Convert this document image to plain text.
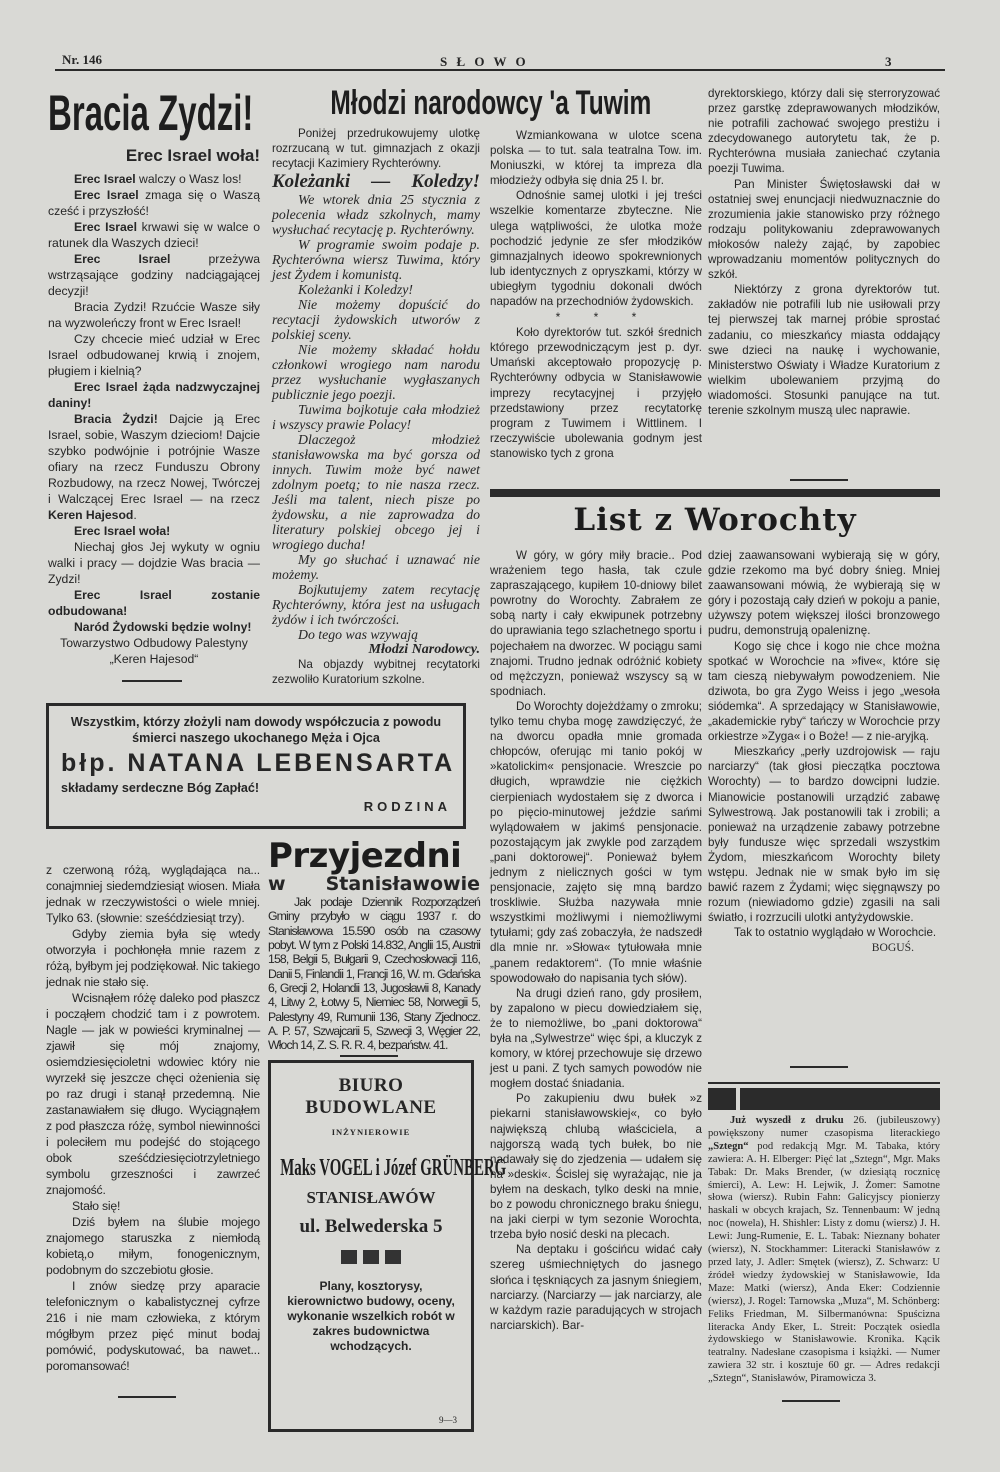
Nr. 146	S Ł O W O	3
Bracia Zydzi!
Erec Israel woła!

Erec Israel walczy o Wasz los!

Erec Israel zmaga się o Waszą cześć i przyszłość!

Erec Israel krwawi się w walce o ratunek dla Waszych dzieci!

Erec Israel przeżywa wstrząsające godziny nadciągającej decyzji!

Bracia Zydzi! Rzućcie Wasze siły na wyzwoleńczy front w Erec Israel!

Czy chcecie mieć udział w Erec Israel odbudowanej krwią i znojem, pługiem i kielnią?

Erec Israel żąda nadzwyczajnej daniny!

Bracia Żydzi! Dajcie ją Erec Israel, sobie, Waszym dzieciom! Dajcie szybko podwójnie i potrójnie Wasze ofiary na rzecz Funduszu Obrony Rozbudowy, na rzecz Nowej, Twórczej i Walczącej Erec Israel — na rzecz Keren Hajesod.

Erec Israel woła!

Niechaj głos Jej wykuty w ogniu walki i pracy — dojdzie Was bracia — Zydzi!

Erec Israel zostanie odbudowana!

Naród Żydowski będzie wolny!

Towarzystwo Odbudowy Palestyny „Keren Hajesod“
Młodzi narodowcy 'a Tuwim

Poniżej przedrukowujemy ulotkę rozrzucaną w tut. gimnazjach z okazji recytacji Kazimiery Rychterówny.

Koleżanki — Koledzy!

We wtorek dnia 25 stycznia z polecenia władz szkolnych, mamy wysłuchać recytację p. Rychterówny.

W programie swoim podaje p. Rychterówna wiersz Tuwima, który jest Żydem i komunistą.

Koleżanki i Koledzy!

Nie możemy dopuścić do recytacji żydowskich utworów z polskiej sceny.

Nie możemy składać hołdu członkowi wrogiego nam narodu przez wysłuchanie wygłaszanych publicznie jego poezji.

Tuwima bojkotuje cała młodzież i wszyscy prawie Polacy!

Dlaczegoż młodzież stanisławowska ma być gorsza od innych. Tuwim może być nawet zdolnym poetą; to nie nasza rzecz. Jeśli ma talent, niech pisze po żydowsku, a nie zaprowadza do literatury polskiej obcego jej i wrogiego ducha!

My go słuchać i uznawać nie możemy.

Bojkutujemy zatem recytację Rychterówny, która jest na usługach żydów i ich twórczości.

Do tego was wzywają

Młodzi Narodowcy.

Na objazdy wybitnej recytatorki zezwoliło Kuratorium szkolne.

Wzmiankowana w ulotce scena polska — to tut. sala teatralna Tow. im. Moniuszki, w której ta impreza dla młodzieży odbyła się dnia 25 I. br.

Odnośnie samej ulotki i jej treści wszelkie komentarze zbyteczne. Nie ulega wątpliwości, że ulotka może pochodzić jedynie ze sfer młodzików gimnazjalnych ideowo spokrewnionych lub identycznych z opryszkami, którzy w ubiegłym tygodniu dokonali dwóch napadów na przechodniów żydowskich.

* * *

Koło dyrektorów tut. szkół średnich którego przewodniczącym jest p. dyr. Umański akceptowało propozycję p. Rychterówny odbycia w Stanisławowie imprezy recytacyjnej i przyjęło przedstawiony przez recytatorkę program z Tuwimem i Wittlinem. I rzeczywiście ubolewania godnym jest stanowisko tych z grona

dyrektorskiego, którzy dali się sterroryzować przez garstkę zdeprawowanych młodzików, nie potrafili zachować swojego prestiżu i zdecydowanego autorytetu tak, że p. Rychterówna musiała zaniechać czytania poezji Tuwima.

Pan Minister Świętosławski dał w ostatniej swej enuncjacji niedwuznacznie do zrozumienia jakie stanowisko przy różnego rodzaju politykowaniu zdeprawowanych młokosów należy zająć, by zapobiec wprowadzaniu momentów politycznych do szkół.

Niektórzy z grona dyrektorów tut. zakładów nie potrafili lub nie usiłowali przy tej pierwszej tak marnej próbie sprostać zadaniu, co mieszkańcy miasta oddający swe dzieci na naukę i wychowanie, Ministerstwo Oświaty i Władze Kuratorium z wielkim ubolewaniem przyjmą do wiadomości. Stosunki panujące na tut. terenie szkolnym muszą ulec naprawie.

List z Worochty

W góry, w góry miły bracie.. Pod wrażeniem tego hasła, tak czule zapraszającego, kupiłem 10-dniowy bilet powrotny do Worochty. Zabrałem ze sobą narty i cały ekwipunek potrzebny do uprawiania tego szlachetnego sportu i pojechałem na dworzec. W pociągu sami znajomi. Trudno jednak odróżnić kobiety od mężczyzn, ponieważ wszyscy są w spodniach.

Do Worochty dojeżdżamy o zmroku; tylko temu chyba mogę zawdzięczyć, że na dworcu opadła mnie gromada chłopców, oferując mi tanio pokój w »katolickim« pensjonacie. Wreszcie po długich, wprawdzie nie ciężkich cierpieniach wydostałem się z dworca i po pięcio-minutowej jeździe sańmi wylądowałem w jakimś pensjonacie. pozostającym jak zwykle pod zarządem „pani doktorowej“. Ponieważ byłem jednym z nielicznych gości w tym pensjonacie, zajęto się mną bardzo troskliwie. Służba nazywała mnie wszystkimi możliwymi i niemożliwymi tytułami; gdy zaś zobaczyła, że nadszedł dla mnie nr. »Słowa« tytułowała mnie „panem redaktorem“. (To mnie właśnie spowodowało do napisania tych słów).

Na drugi dzień rano, gdy prosiłem, by zapalono w piecu dowiedziałem się, że to niemożliwe, bo „pani doktorowa“ była na „Sylwestrze“ więc śpi, a kluczyk z komory, w której przechowuje się drzewo jest u pani. Z tych samych powodów nie mogłem dostać śniadania.

Po zakupieniu dwu bułek »z piekarni stanisławowskiej«, co było największą chlubą właściciela, a najgorszą wadą tych bułek, bo nie nadawały się do zjedzenia — udałem się na »deski«. Ścislej się wyrażając, nie ja byłem na deskach, tylko deski na mnie, bo z powodu chronicznego braku śniegu, na jaki cierpi w tym sezonie Worochta, trzeba było nosić deski na plecach.

Na deptaku i gościńcu widać cały szereg uśmiechniętych do jasnego słońca i tęskniących za jasnym śniegiem, narciarzy. (Narciarzy — jak narciarzy, ale w każdym razie paradujących w strojach narciarskich). Bar-

dziej zaawansowani wybierają się w góry, gdzie rzekomo ma być dobry śnieg. Mniej zaawansowani mówią, że wybierają się w góry i pozostają cały dzień w pokoju a panie, używszy potem większej ilości bronzowego pudru, demonstrują opaleniznę.

Kogo się chce i kogo nie chce można spotkać w Worochcie na »five«, które się tam cieszą niebywałym powodzeniem. Nie dziwota, bo gra Zygo Weiss i jego „wesoła siódemka“. A sprzedający w Stanisławowie, „akademickie ryby“ tańczy w Worochcie przy orkiestrze »Zyga« i o Boże! — z nie-aryjką.

Mieszkańcy „perły uzdrojowisk — raju narciarzy“ (tak głosi pieczątka pocztowa Worochty) — to bardzo dowcipni ludzie. Mianowicie postanowili urządzić zabawę Sylwestrową. Jak postanowili tak i zrobili; a ponieważ na urządzenie zabawy potrzebne były fundusze więc sprzedali wszystkim Żydom, mieszkańcom Worochty bilety wstępu. Jednak nie w smak było im się bawić razem z Żydami; więc sięgnąwszy po rozum (niewiadomo gdzie) zgasili na sali światło, i rozrzucili ulotki antyżydowskie.

Tak to ostatnio wyglądało w Worochcie.

BOGUŚ.

Już wyszedł z druku 26. (jubileuszowy) powiększony numer czasopisma literackiego „Sztegn“ pod redakcją Mgr. M. Tabaka, który zawiera: A. H. Elberger: Pięć lat „Sztegn“, Mgr. Maks Tabak: Dr. Maks Brender, (w dziesiątą rocznicę śmierci), A. Lew: H. Lejwik, J. Żomer: Samotne słowa (wiersz). Rubin Fahn: Galicyjscy pionierzy haskali w obcych krajach, Sz. Tennenbaum: W jedną noc (nowela), H. Shishler: Listy z domu (wiersz) J. H. Lewi: Jung-Rumenie, E. L. Tabak: Nieznany bohater (wiersz), N. Stockhammer: Literacki Stanisławów z przed laty, J. Adler: Smętek (wiersz), Z. Schwarz: U źródeł wiedzy żydowskiej w Stanisławowie, Ida Maze: Matki (wiersz), Anda Eker: Codziennie (wiersz), J. Rogel: Tarnowska „Muza“, M. Schönberg: Feliks Friedman, M. Silbermanówna: Spuścizna literacka Andy Eker, L. Streit: Początek osiedla żydowskiego w Stanisławowie. Kronika. Kącik teatralny. Nadesłane czasopisma i książki. — Numer zawiera 32 str. i kosztuje 60 gr. — Adres redakcji „Sztegn“, Stanisławów, Piramowicza 3.

Wszystkim, którzy złożyli nam dowody współczucia z powodu śmierci naszego ukochanego Męża i Ojca
błp. NATANA LEBENSARTA
składamy serdeczne Bóg Zapłać!
RODZINA

z czerwoną różą, wyglądająca na... conajmniej siedemdziesiąt wiosen. Miała jednak w rzeczywistości o wiele mniej. Tylko 63. (słownie: sześćdziesiąt trzy).

Gdyby ziemia była się wtedy otworzyła i pochłonęła mnie razem z różą, byłbym jej podziękował. Nic takiego jednak nie stało się.

Wcisnąłem różę daleko pod płaszcz i począłem chodzić tam i z powrotem. Nagle — jak w powieści kryminalnej — zjawił się mój znajomy, osiemdziesięcioletni wdowiec który nie wyrzekł się jeszcze chęci ożenienia się po raz drugi i stanął przedemną. Nie zastanawiałem się długo. Wyciągnąłem z pod płaszcza różę, symbol niewinności i poleciłem mu podejść do stojącego obok sześćdziesięciotrzyletniego symbolu grzeszności i zawrzeć znajomość.

Stało się!

Dziś byłem na ślubie mojego znajomego staruszka z niemłodą kobietą,o miłym, fonogenicznym, podobnym do szczebiotu głosie.

I znów siedzę przy aparacie telefonicznym o kabalistycznej cyfrze 216 i nie mam człowieka, z którym mógłbym przez pięć minut bodaj pomówić, podyskutować, ba nawet... poromansować!

Przyjezdni
w Stanisławowie

Jak podaje Dziennik Rozporządzeń Gminy przybyło w ciągu 1937 r. do Stanisławowa 15.590 osób na czasowy pobyt. W tym z Polski 14.832, Anglii 15, Austrii 158, Belgii 5, Bułgarii 9, Czechosłowacji 116, Danii 5, Finlandii 1, Francji 16, W. m. Gdańska 6, Grecji 2, Holandii 13, Jugosławii 8, Kanady 4, Litwy 2, Łotwy 5, Niemiec 58, Norwegii 5, Palestyny 49, Rumunii 136, Stany Zjednocz. A. P. 57, Szwajcarii 5, Szwecji 3, Węgier 22, Włoch 14, Z. S. R. R. 4, bezpaństw. 41.

BIURO BUDOWLANE
INŻYNIEROWIE
Maks VOGEL i Józef GRÜNBERG
STANISŁAWÓW
ul. Belwederska 5
Plany, kosztorysy, kierownictwo budowy, oceny, wykonanie wszelkich robót w zakres budownictwa wchodzących.
9—3
